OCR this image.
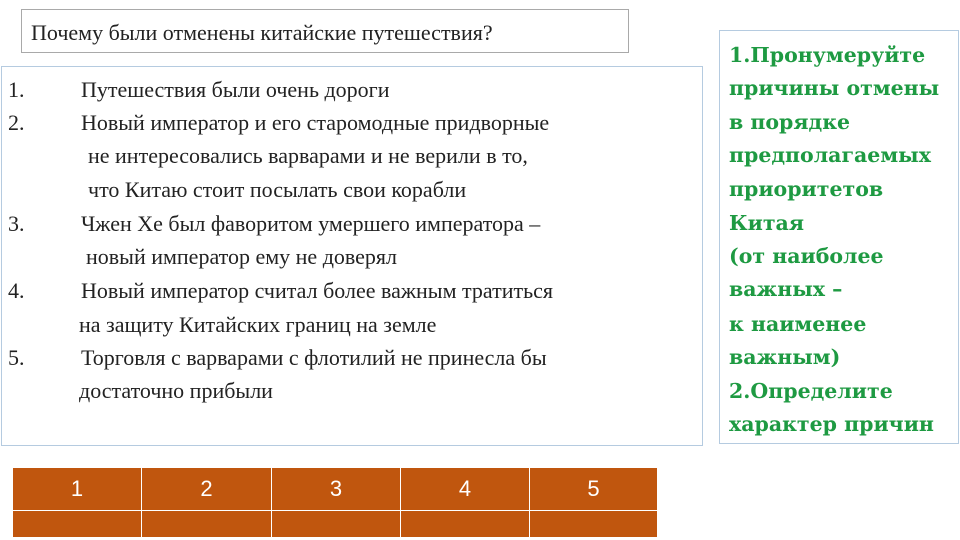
Почему были отменены китайские путешествия?
1.	Путешествия были очень дороги
2.	Новый император и его старомодные придворные
не интересовались варварами и не верили в то,
что Китаю стоит посылать свои корабли
3.	Чжен Хе был фаворитом умершего императора –
новый император ему не доверял
4.	Новый император считал более важным тратиться
на защиту Китайских границ на земле
5.	Торговля с варварами с флотилий не принесла бы
достаточно прибыли
1.Пронумеруйте
причины отмены
в порядке
предполагаемых
приоритетов
Китая
(от наиболее
важных –
к наименее
важным)
2.Определите
характер причин
1	2	3	4	5
